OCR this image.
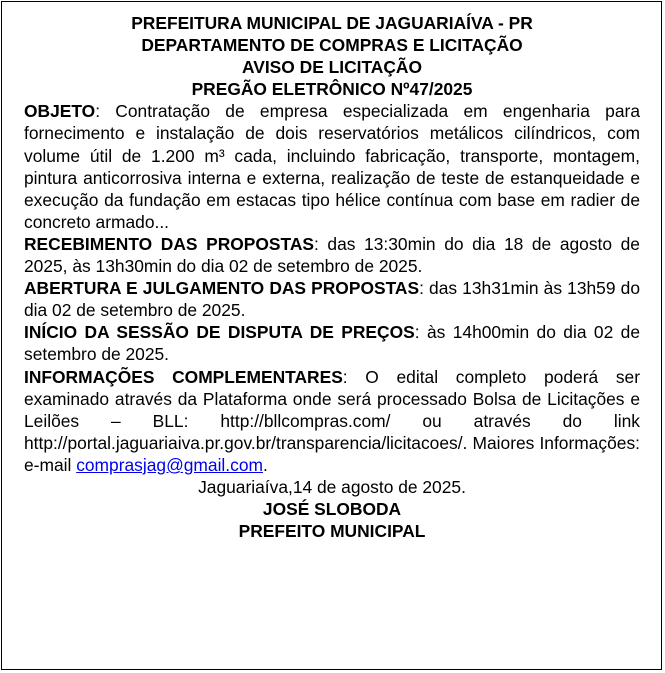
PREFEITURA MUNICIPAL DE JAGUARIAÍVA - PR
DEPARTAMENTO DE COMPRAS E LICITAÇÃO
AVISO DE LICITAÇÃO
PREGÃO ELETRÔNICO Nº47/2025

OBJETO: Contratação de empresa especializada em engenharia para fornecimento e instalação de dois reservatórios metálicos cilíndricos, com volume útil de 1.200 m³ cada, incluindo fabricação, transporte, montagem, pintura anticorrosiva interna e externa, realização de teste de estanqueidade e execução da fundação em estacas tipo hélice contínua com base em radier de concreto armado...

RECEBIMENTO DAS PROPOSTAS: das 13:30min do dia 18 de agosto de 2025, às 13h30min do dia 02 de setembro de 2025.

ABERTURA E JULGAMENTO DAS PROPOSTAS: das 13h31min às 13h59 do dia 02 de setembro de 2025.

INÍCIO DA SESSÃO DE DISPUTA DE PREÇOS: às 14h00min do dia 02 de setembro de 2025.

INFORMAÇÕES COMPLEMENTARES: O edital completo poderá ser examinado através da Plataforma onde será processado Bolsa de Licitações e Leilões – BLL: http://bllcompras.com/ ou através do link http://portal.jaguariaiva.pr.gov.br/transparencia/licitacoes/. Maiores Informações: e-mail comprasjag@gmail.com.

Jaguariaíva,14 de agosto de 2025.
JOSÉ SLOBODA
PREFEITO MUNICIPAL
